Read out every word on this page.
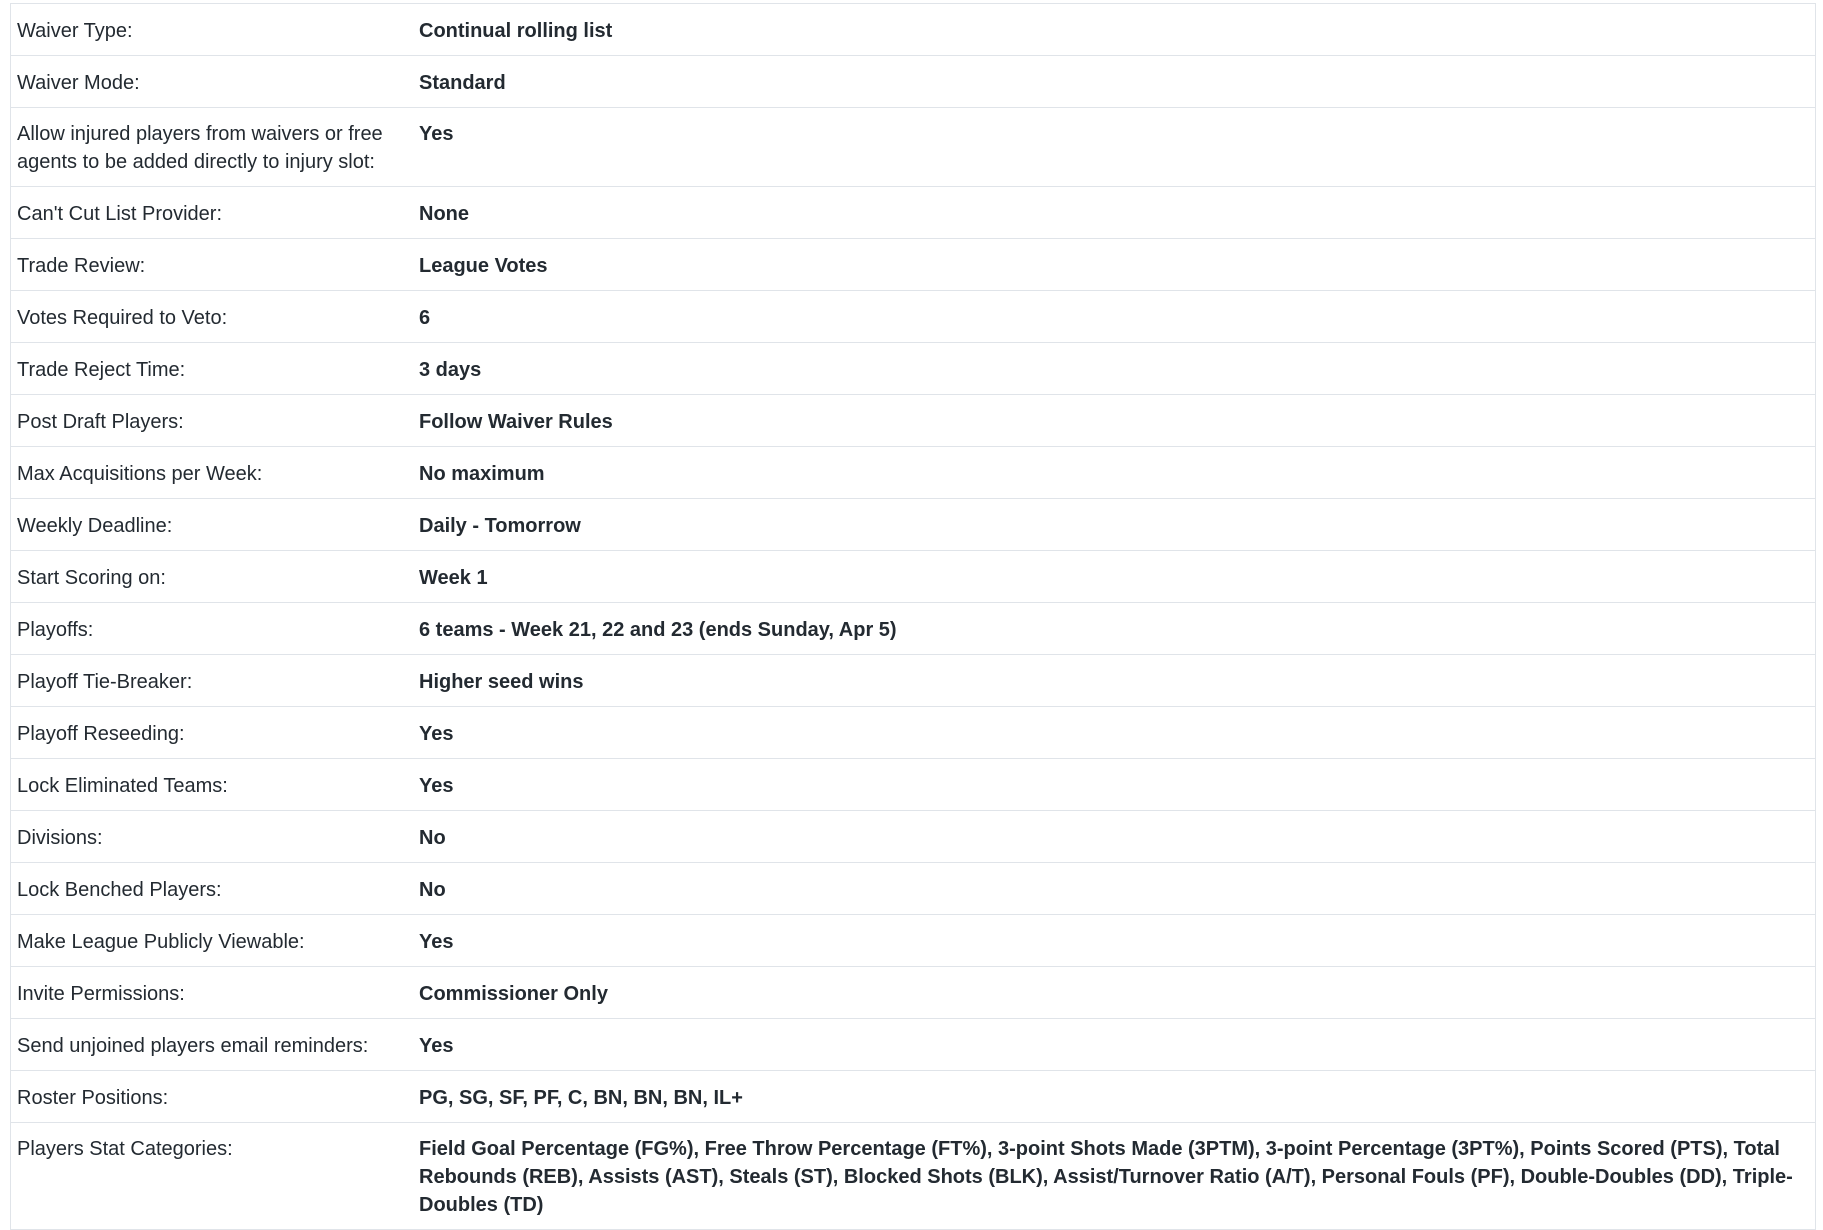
Waiver Type:	Continual rolling list
Waiver Mode:	Standard
Allow injured players from waivers or free agents to be added directly to injury slot:	Yes
Can't Cut List Provider:	None
Trade Review:	League Votes
Votes Required to Veto:	6
Trade Reject Time:	3 days
Post Draft Players:	Follow Waiver Rules
Max Acquisitions per Week:	No maximum
Weekly Deadline:	Daily - Tomorrow
Start Scoring on:	Week 1
Playoffs:	6 teams - Week 21, 22 and 23 (ends Sunday, Apr 5)
Playoff Tie-Breaker:	Higher seed wins
Playoff Reseeding:	Yes
Lock Eliminated Teams:	Yes
Divisions:	No
Lock Benched Players:	No
Make League Publicly Viewable:	Yes
Invite Permissions:	Commissioner Only
Send unjoined players email reminders:	Yes
Roster Positions:	PG, SG, SF, PF, C, BN, BN, BN, IL+
Players Stat Categories:	Field Goal Percentage (FG%), Free Throw Percentage (FT%), 3-point Shots Made (3PTM), 3-point Percentage (3PT%), Points Scored (PTS), Total Rebounds (REB), Assists (AST), Steals (ST), Blocked Shots (BLK), Assist/Turnover Ratio (A/T), Personal Fouls (PF), Double-Doubles (DD), Triple-Doubles (TD)
